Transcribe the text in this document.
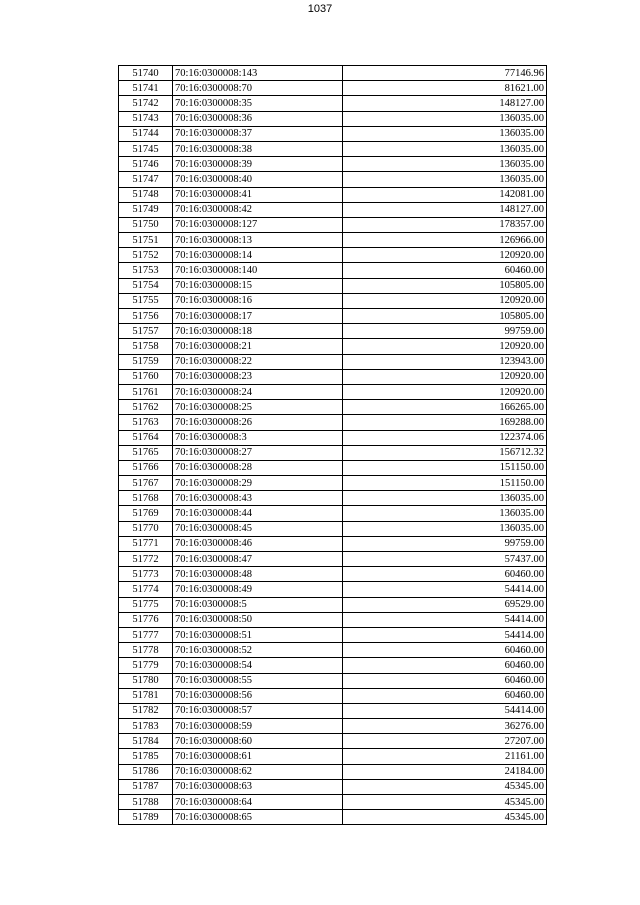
1037
51740	70:16:0300008:143	77146.96
51741	70:16:0300008:70	81621.00
51742	70:16:0300008:35	148127.00
51743	70:16:0300008:36	136035.00
51744	70:16:0300008:37	136035.00
51745	70:16:0300008:38	136035.00
51746	70:16:0300008:39	136035.00
51747	70:16:0300008:40	136035.00
51748	70:16:0300008:41	142081.00
51749	70:16:0300008:42	148127.00
51750	70:16:0300008:127	178357.00
51751	70:16:0300008:13	126966.00
51752	70:16:0300008:14	120920.00
51753	70:16:0300008:140	60460.00
51754	70:16:0300008:15	105805.00
51755	70:16:0300008:16	120920.00
51756	70:16:0300008:17	105805.00
51757	70:16:0300008:18	99759.00
51758	70:16:0300008:21	120920.00
51759	70:16:0300008:22	123943.00
51760	70:16:0300008:23	120920.00
51761	70:16:0300008:24	120920.00
51762	70:16:0300008:25	166265.00
51763	70:16:0300008:26	169288.00
51764	70:16:0300008:3	122374.06
51765	70:16:0300008:27	156712.32
51766	70:16:0300008:28	151150.00
51767	70:16:0300008:29	151150.00
51768	70:16:0300008:43	136035.00
51769	70:16:0300008:44	136035.00
51770	70:16:0300008:45	136035.00
51771	70:16:0300008:46	99759.00
51772	70:16:0300008:47	57437.00
51773	70:16:0300008:48	60460.00
51774	70:16:0300008:49	54414.00
51775	70:16:0300008:5	69529.00
51776	70:16:0300008:50	54414.00
51777	70:16:0300008:51	54414.00
51778	70:16:0300008:52	60460.00
51779	70:16:0300008:54	60460.00
51780	70:16:0300008:55	60460.00
51781	70:16:0300008:56	60460.00
51782	70:16:0300008:57	54414.00
51783	70:16:0300008:59	36276.00
51784	70:16:0300008:60	27207.00
51785	70:16:0300008:61	21161.00
51786	70:16:0300008:62	24184.00
51787	70:16:0300008:63	45345.00
51788	70:16:0300008:64	45345.00
51789	70:16:0300008:65	45345.00
